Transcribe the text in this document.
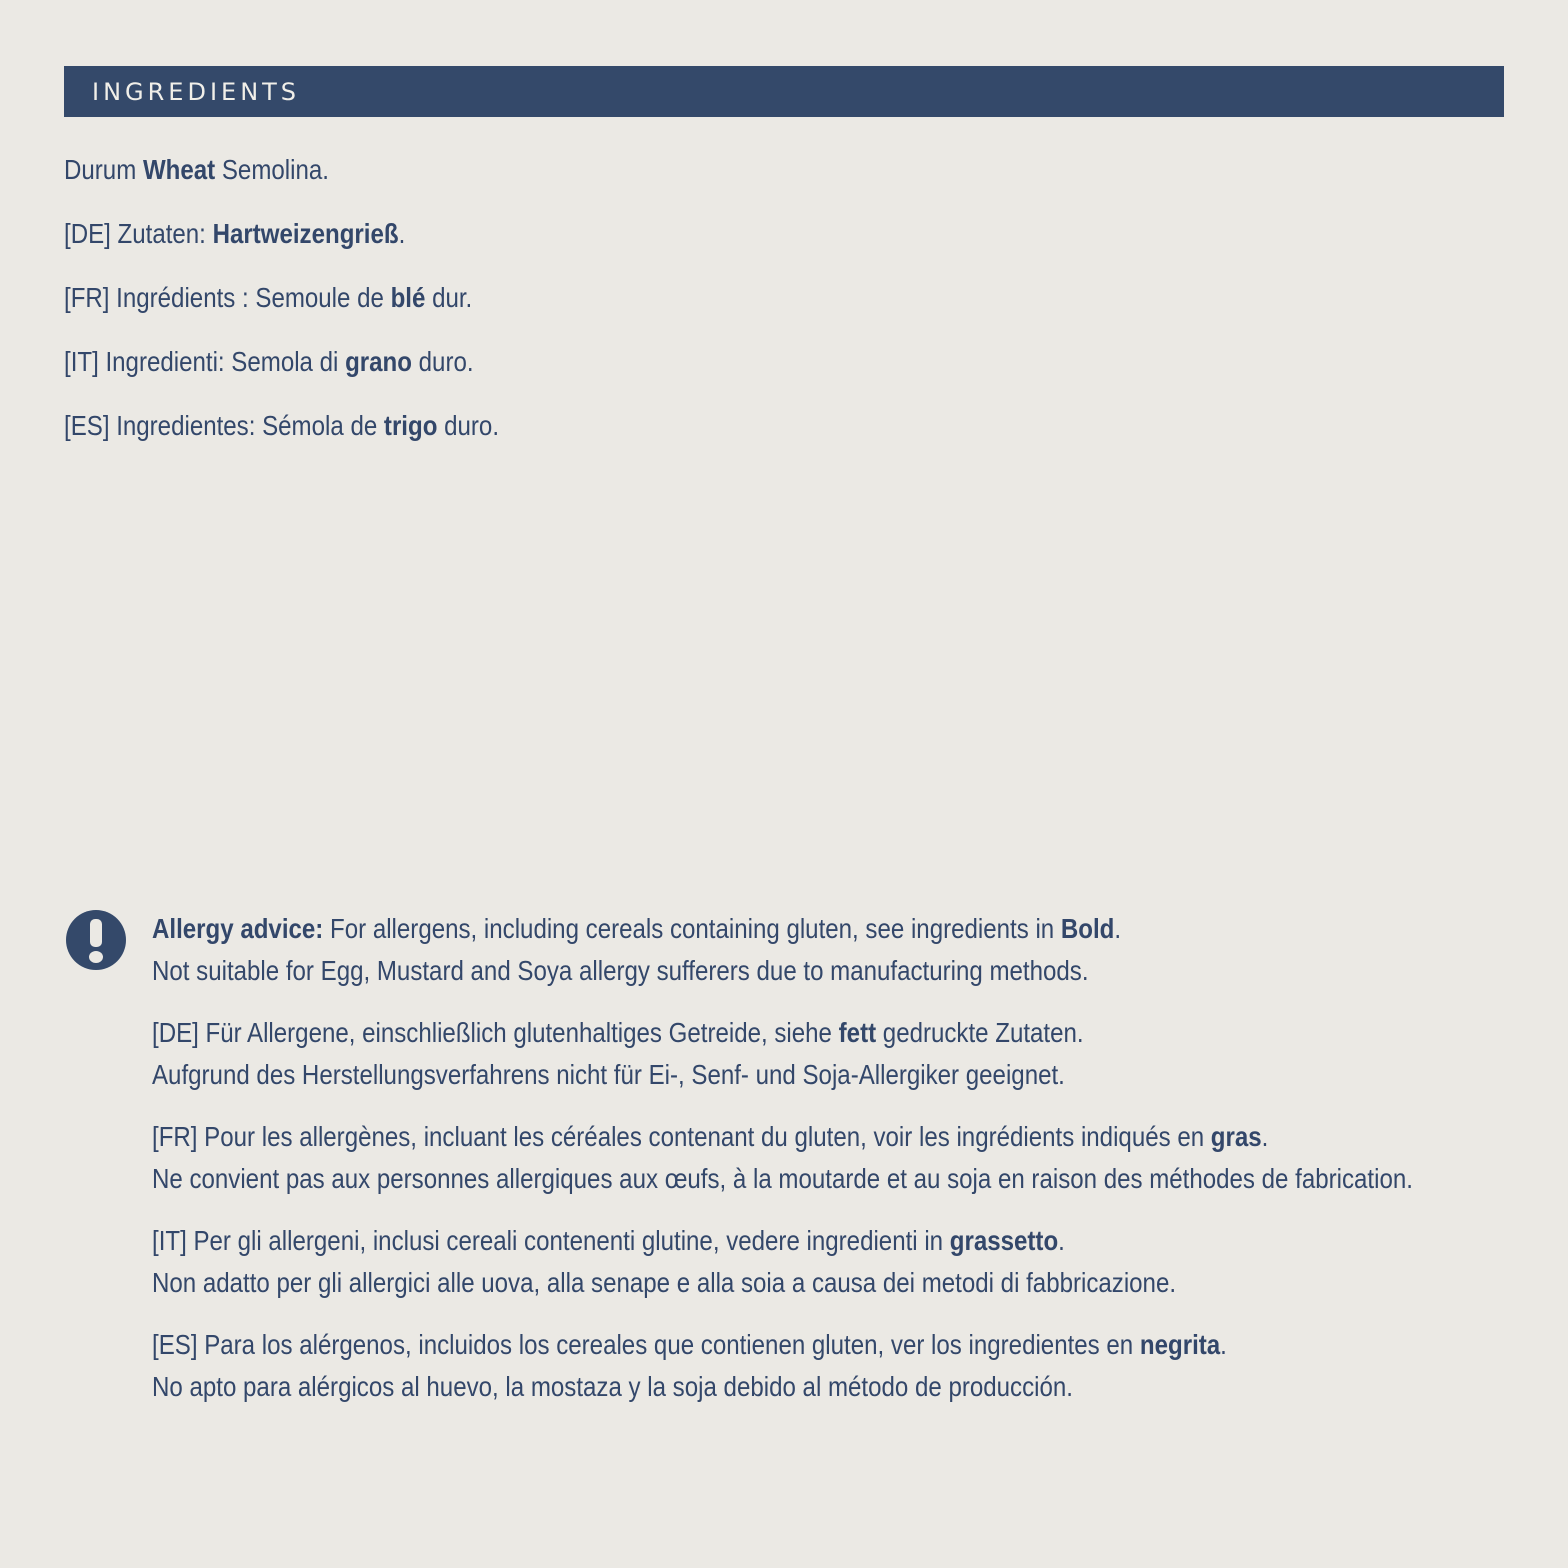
INGREDIENTS
Durum Wheat Semolina.
[DE] Zutaten: Hartweizengrieß.
[FR] Ingrédients : Semoule de blé dur.
[IT] Ingredienti: Semola di grano duro.
[ES] Ingredientes: Sémola de trigo duro.
Allergy advice: For allergens, including cereals containing gluten, see ingredients in Bold.
Not suitable for Egg, Mustard and Soya allergy sufferers due to manufacturing methods.
[DE] Für Allergene, einschließlich glutenhaltiges Getreide, siehe fett gedruckte Zutaten.
Aufgrund des Herstellungsverfahrens nicht für Ei-, Senf- und Soja-Allergiker geeignet.
[FR] Pour les allergènes, incluant les céréales contenant du gluten, voir les ingrédients indiqués en gras.
Ne convient pas aux personnes allergiques aux œufs, à la moutarde et au soja en raison des méthodes de fabrication.
[IT] Per gli allergeni, inclusi cereali contenenti glutine, vedere ingredienti in grassetto.
Non adatto per gli allergici alle uova, alla senape e alla soia a causa dei metodi di fabbricazione.
[ES] Para los alérgenos, incluidos los cereales que contienen gluten, ver los ingredientes en negrita.
No apto para alérgicos al huevo, la mostaza y la soja debido al método de producción.
